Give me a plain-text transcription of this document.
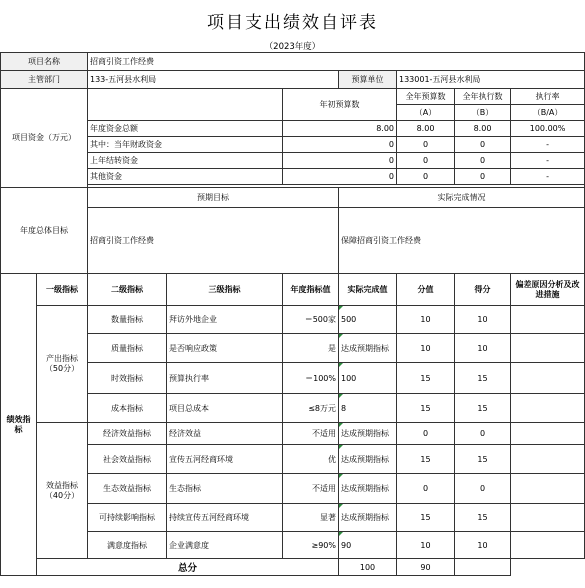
项目支出绩效自评表
（2023年度）
项目名称		招商引资工作经费						
主管部门		133-五河县水利局			预算单位	133001-五河县水利局		
项目资金（万元）				年初预算数		全年预算数	全年执行数	执行率
						（A）	（B）	（B/A）
		年度资金总额		8.00		8.00	8.00	100.00%
		其中：当年财政资金		0		0	0	-
		上年结转资金		0		0	0	-
		其他资金		0		0	0	-

年度总体目标		预期目标			实际完成情况			
		招商引资工作经费			保障招商引资工作经费			
绩效指标	一级指标	二级指标	三级指标	年度指标值	实际完成值	分值	得分	偏差原因分析及改进措施
	产出指标（50分）	数量指标	拜访外地企业	＝500家	500	10	10	
		质量指标	是否响应政策	是	达成预期指标	10	10	
		时效指标	预算执行率	＝100%	100	15	15	
		成本指标	项目总成本	≤8万元	8	15	15	
	效益指标（40分）	经济效益指标	经济效益	不适用	达成预期指标	0	0	
		社会效益指标	宣传五河经商环境	优	达成预期指标	15	15	
		生态效益指标	生态指标	不适用	达成预期指标	0	0	
		可持续影响指标	持续宣传五河经商环境	显著	达成预期指标	15	15	
		满意度指标	企业满意度	≥90%	90	10	10	
	总分				100	90		
